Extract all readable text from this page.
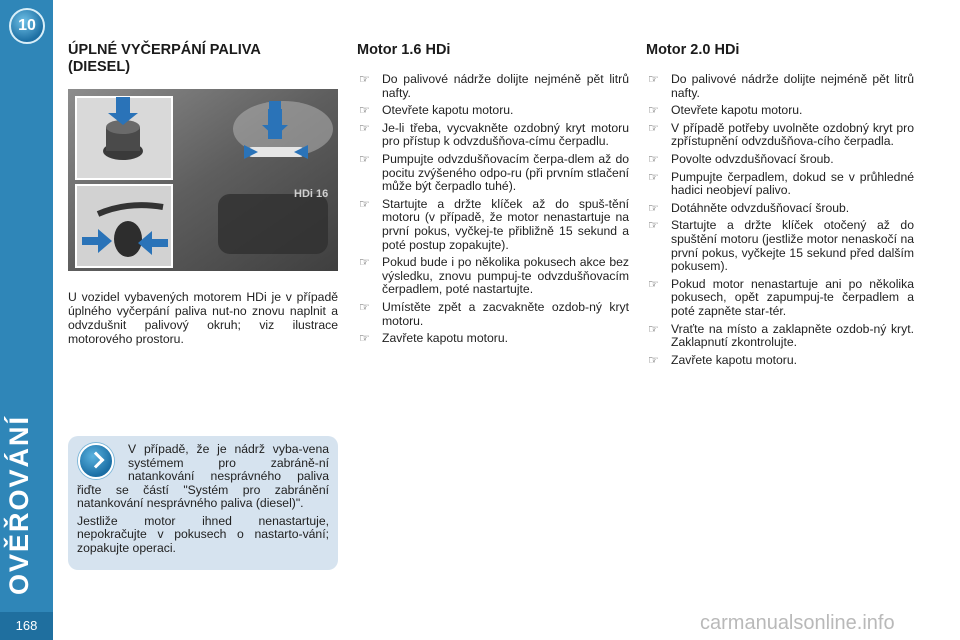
10
OVĚŘOVÁNÍ
168
ÚPLNÉ VYČERPÁNÍ PALIVA (DIESEL)
HDi 16

U vozidel vybavených motorem HDi je v případě úplného vyčerpání paliva nut-no znovu naplnit a odvzdušnit palivový okruh; viz ilustrace motorového prostoru.

V případě, že je nádrž vyba-vena systémem pro zabráně-ní natankování nesprávného paliva řiďte se částí "Systém pro zabránění natankování nesprávného paliva (diesel)".

Jestliže motor ihned nenastartuje, nepokračujte v pokusech o nastarto-vání; zopakujte operaci.

Motor 1.6 HDi
☞ Do palivové nádrže dolijte nejméně pět litrů nafty.
☞ Otevřete kapotu motoru.
☞ Je-li třeba, vycvakněte ozdobný kryt motoru pro přístup k odvzdušňova-címu čerpadlu.
☞ Pumpujte odvzdušňovacím čerpa-dlem až do pocitu zvýšeného odpo-ru (při prvním stlačení může být čerpadlo tuhé).
☞ Startujte a držte klíček až do spuš-tění motoru (v případě, že motor nenastartuje na první pokus, vyčkej-te přibližně 15 sekund a poté postup zopakujte).
☞ Pokud bude i po několika pokusech akce bez výsledku, znovu pumpuj-te odvzdušňovacím čerpadlem, poté nastartujte.
☞ Umístěte zpět a zacvakněte ozdob-ný kryt motoru.
☞ Zavřete kapotu motoru.
Motor 2.0 HDi
☞ Do palivové nádrže dolijte nejméně pět litrů nafty.
☞ Otevřete kapotu motoru.
☞ V případě potřeby uvolněte ozdobný kryt pro zpřístupnění odvzdušňova-cího čerpadla.
☞ Povolte odvzdušňovací šroub.
☞ Pumpujte čerpadlem, dokud se v průhledné hadici neobjeví palivo.
☞ Dotáhněte odvzdušňovací šroub.
☞ Startujte a držte klíček otočený až do spuštění motoru (jestliže motor nenaskočí na první pokus, vyčkejte 15 sekund před dalším pokusem).
☞ Pokud motor nenastartuje ani po několika pokusech, opět zapumpuj-te čerpadlem a poté zapněte star-tér.
☞ Vraťte na místo a zaklapněte ozdob-ný kryt. Zaklapnutí zkontrolujte.
☞ Zavřete kapotu motoru.
carmanualsonline.info
